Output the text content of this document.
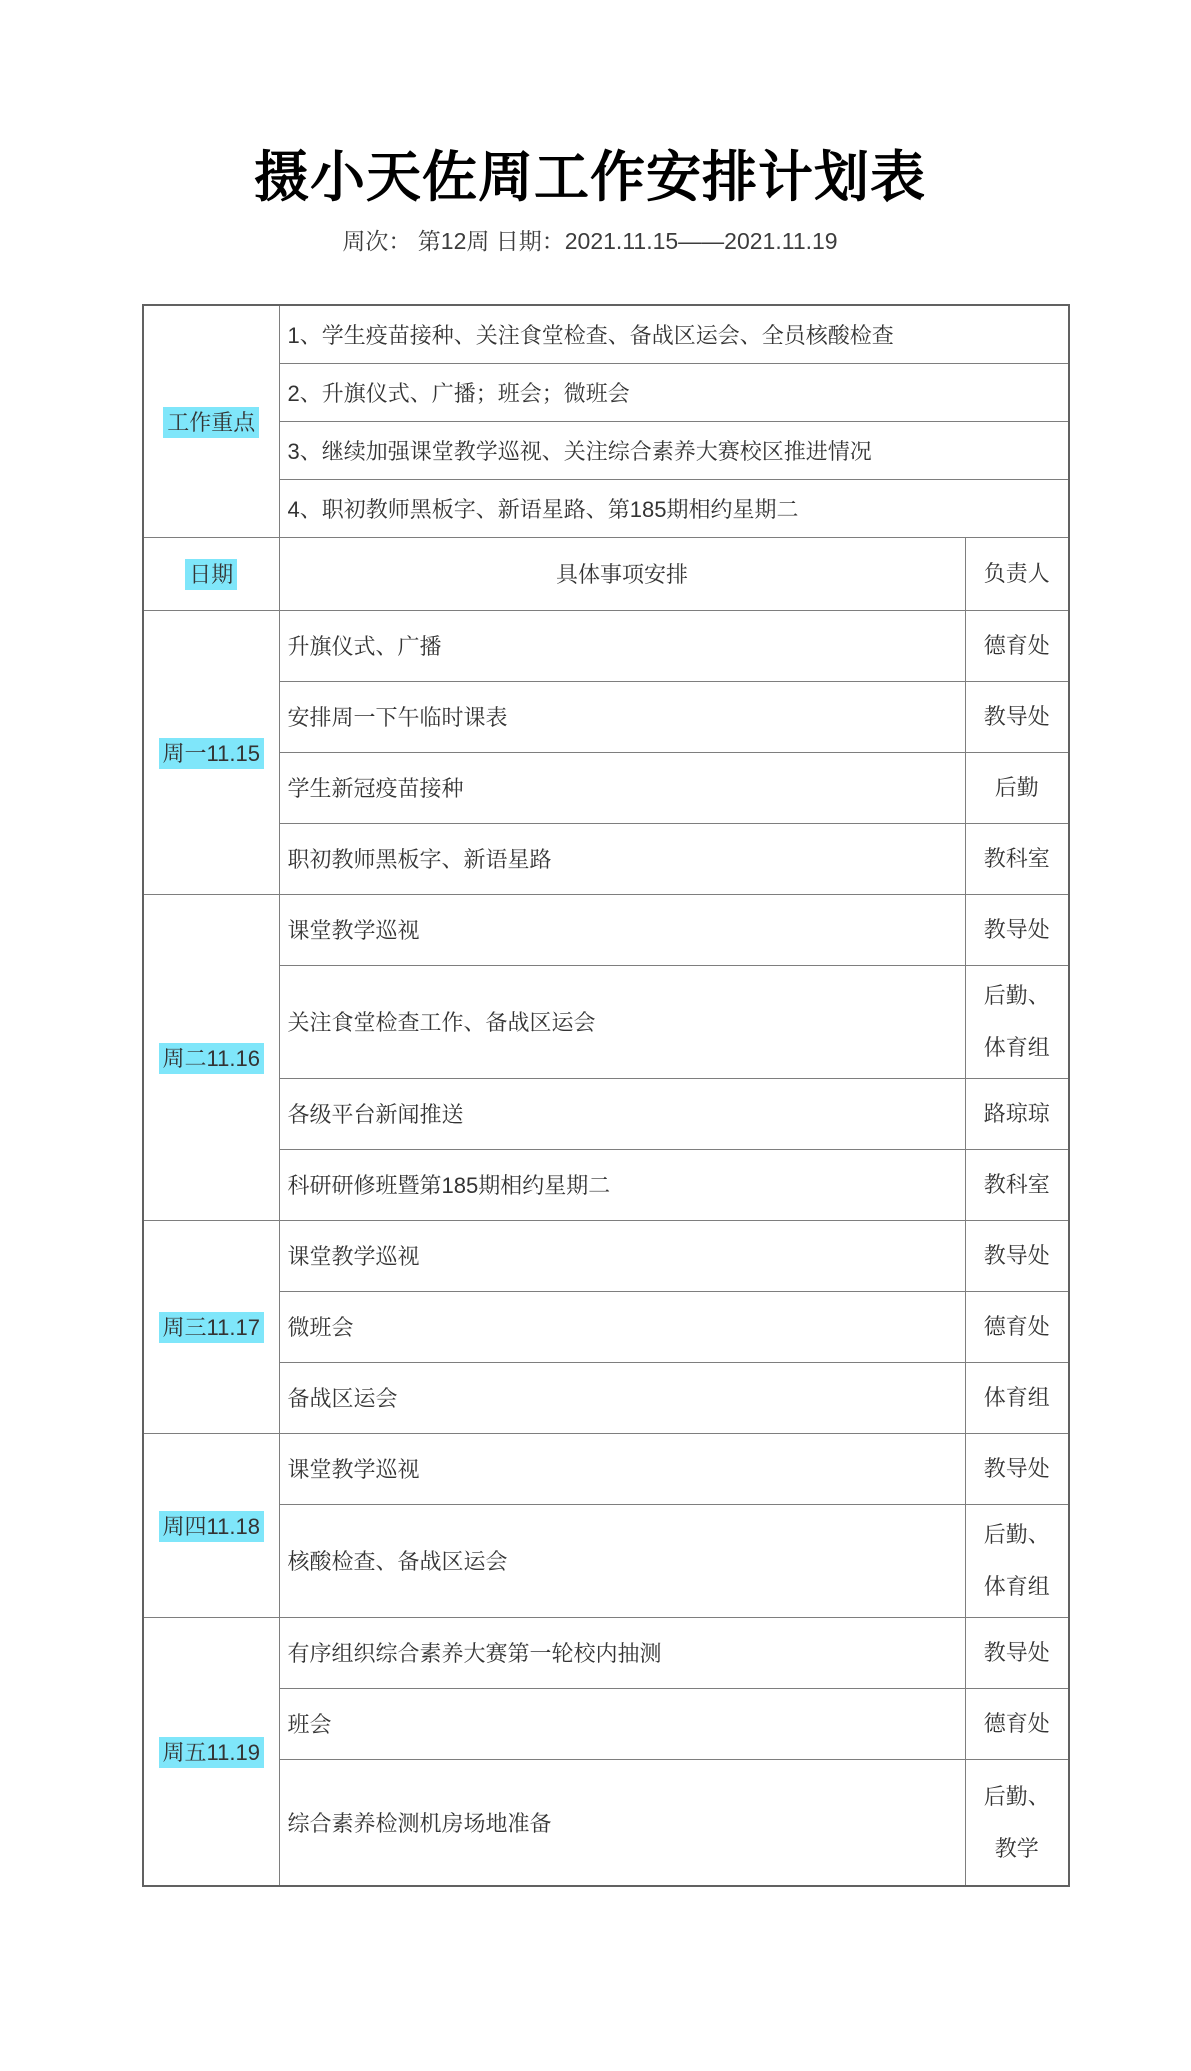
摄小天佐周工作安排计划表
周次： 第12周 日期：2021.11.15——2021.11.19
工作重点	1、学生疫苗接种、关注食堂检查、备战区运会、全员核酸检查	
	2、升旗仪式、广播；班会；微班会	
	3、继续加强课堂教学巡视、关注综合素养大赛校区推进情况	
	4、职初教师黑板字、新语星路、第185期相约星期二	
日期	具体事项安排	负责人
周一11.15	升旗仪式、广播	德育处
	安排周一下午临时课表	教导处
	学生新冠疫苗接种	后勤
	职初教师黑板字、新语星路	教科室
周二11.16	课堂教学巡视	教导处
	关注食堂检查工作、备战区运会	后勤、
体育组
	各级平台新闻推送	路琼琼
	科研研修班暨第185期相约星期二	教科室
周三11.17	课堂教学巡视	教导处
	微班会	德育处
	备战区运会	体育组
周四11.18	课堂教学巡视	教导处
	核酸检查、备战区运会	后勤、
体育组
周五11.19	有序组织综合素养大赛第一轮校内抽测	教导处
	班会	德育处
	综合素养检测机房场地准备	后勤、
教学
